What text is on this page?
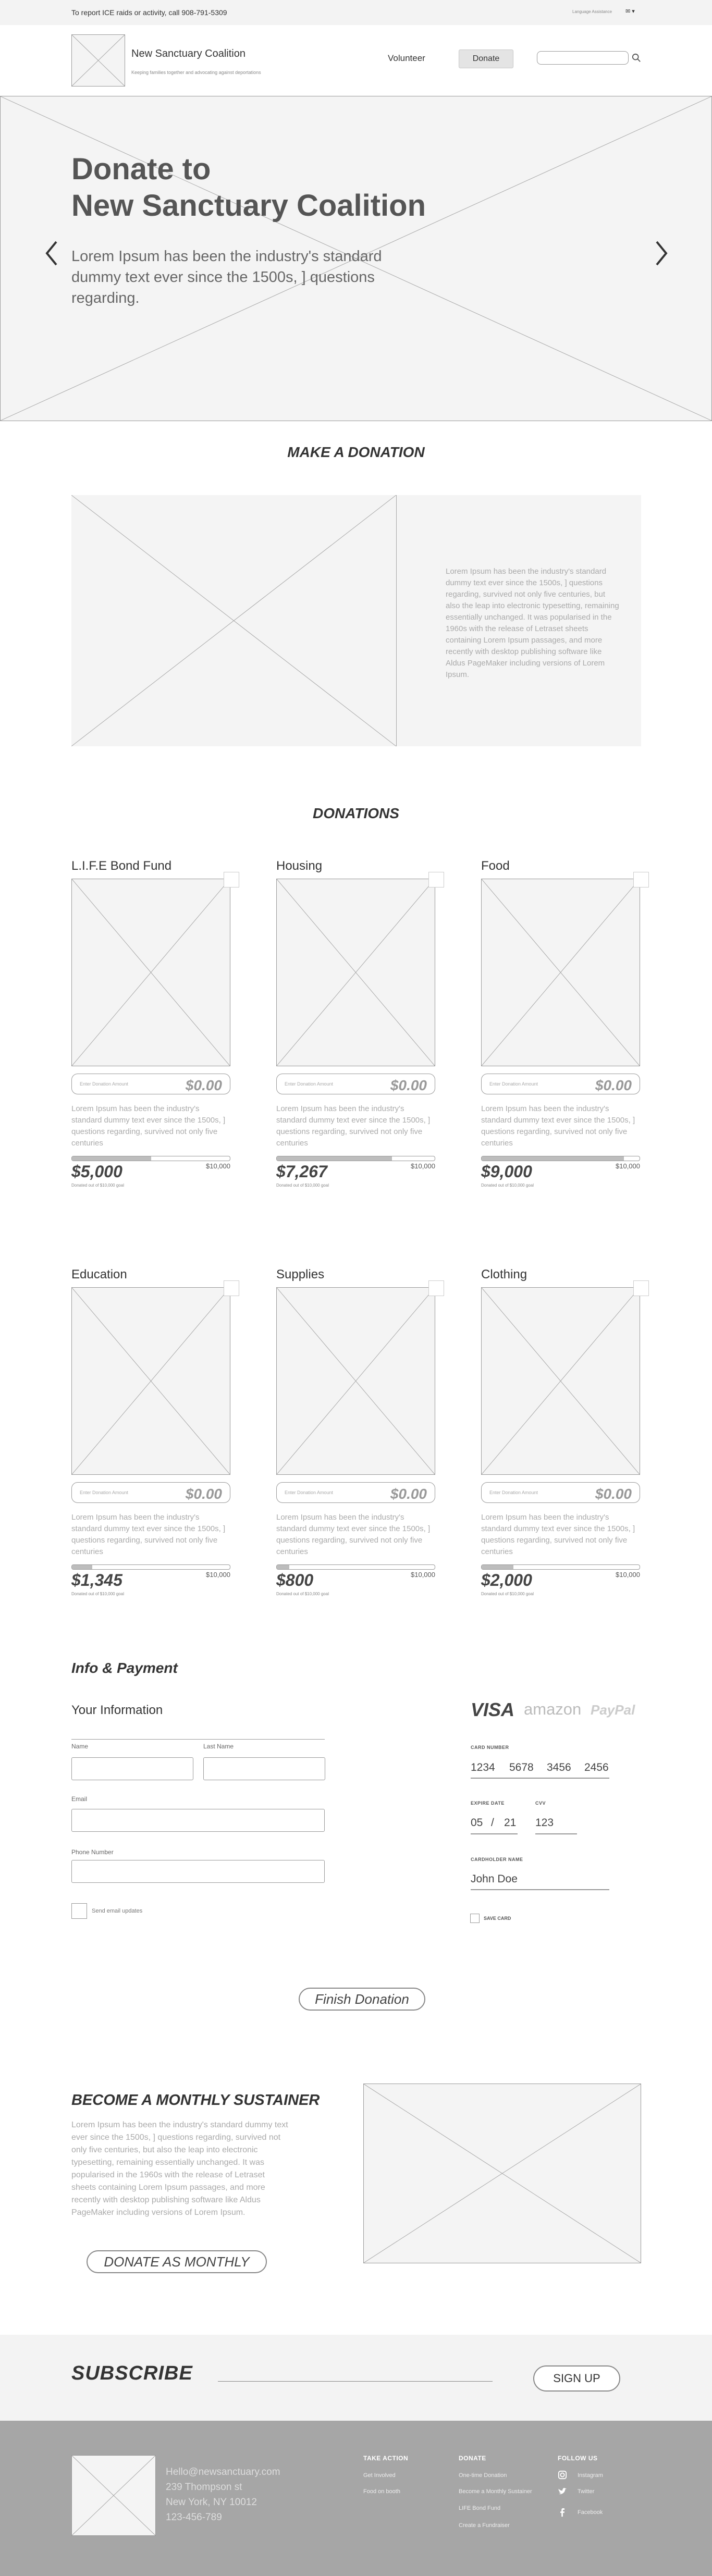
To report ICE raids or activity, call 908-791-5309	Language Assistance ✉ ▾
New Sanctuary Coalition
Keeping families together and advocating against deportations
Volunteer	Donate
Donate to
New Sanctuary Coalition
Lorem Ipsum has been the industry's standard dummy text ever since the 1500s, ] questions regarding.
MAKE A DONATION
Lorem Ipsum has been the industry's standard dummy text ever since the 1500s, ] questions regarding, survived not only five centuries, but also the leap into electronic typesetting, remaining essentially unchanged. It was popularised in the 1960s with the release of Letraset sheets containing Lorem Ipsum passages, and more recently with desktop publishing software like Aldus PageMaker including versions of Lorem Ipsum.
DONATIONS
L.I.F.E Bond Fund
Enter Donation Amount	$0.00
Lorem Ipsum has been the industry's standard dummy text ever since the 1500s, ] questions regarding, survived not only five centuries
$5,000	$10,000
Donated out of $10,000 goal
Housing
Enter Donation Amount	$0.00
Lorem Ipsum has been the industry's standard dummy text ever since the 1500s, ] questions regarding, survived not only five centuries
$7,267	$10,000
Donated out of $10,000 goal
Food
Enter Donation Amount	$0.00
Lorem Ipsum has been the industry's standard dummy text ever since the 1500s, ] questions regarding, survived not only five centuries
$9,000	$10,000
Donated out of $10,000 goal
Education
Enter Donation Amount	$0.00
Lorem Ipsum has been the industry's standard dummy text ever since the 1500s, ] questions regarding, survived not only five centuries
$1,345	$10,000
Donated out of $10,000 goal
Supplies
Enter Donation Amount	$0.00
Lorem Ipsum has been the industry's standard dummy text ever since the 1500s, ] questions regarding, survived not only five centuries
$800	$10,000
Donated out of $10,000 goal
Clothing
Enter Donation Amount	$0.00
Lorem Ipsum has been the industry's standard dummy text ever since the 1500s, ] questions regarding, survived not only five centuries
$2,000	$10,000
Donated out of $10,000 goal
Info & Payment
Your Information
Name	Last Name
Email
Phone Number
Send email updates
VISA amazon PayPal
CARD NUMBER
1234 5678 3456 2456
EXPIRE DATE
05 / 21
CVV
123
CARDHOLDER NAME
John Doe
SAVE CARD
Finish Donation
BECOME A MONTHLY SUSTAINER
Lorem Ipsum has been the industry's standard dummy text ever since the 1500s, ] questions regarding, survived not only five centuries, but also the leap into electronic typesetting, remaining essentially unchanged. It was popularised in the 1960s with the release of Letraset sheets containing Lorem Ipsum passages, and more recently with desktop publishing software like Aldus PageMaker including versions of Lorem Ipsum.
DONATE AS MONTHLY
SUBSCRIBE	SIGN UP
Hello@newsanctuary.com
239 Thompson st
New York, NY 10012
123-456-789
TAKE ACTION
Get Involved
Food on booth
DONATE
One-time Donation
Become a Monthly Sustainer
LIFE Bond Fund
Create a Fundraiser
FOLLOW US
Instagram
Twitter
Facebook
